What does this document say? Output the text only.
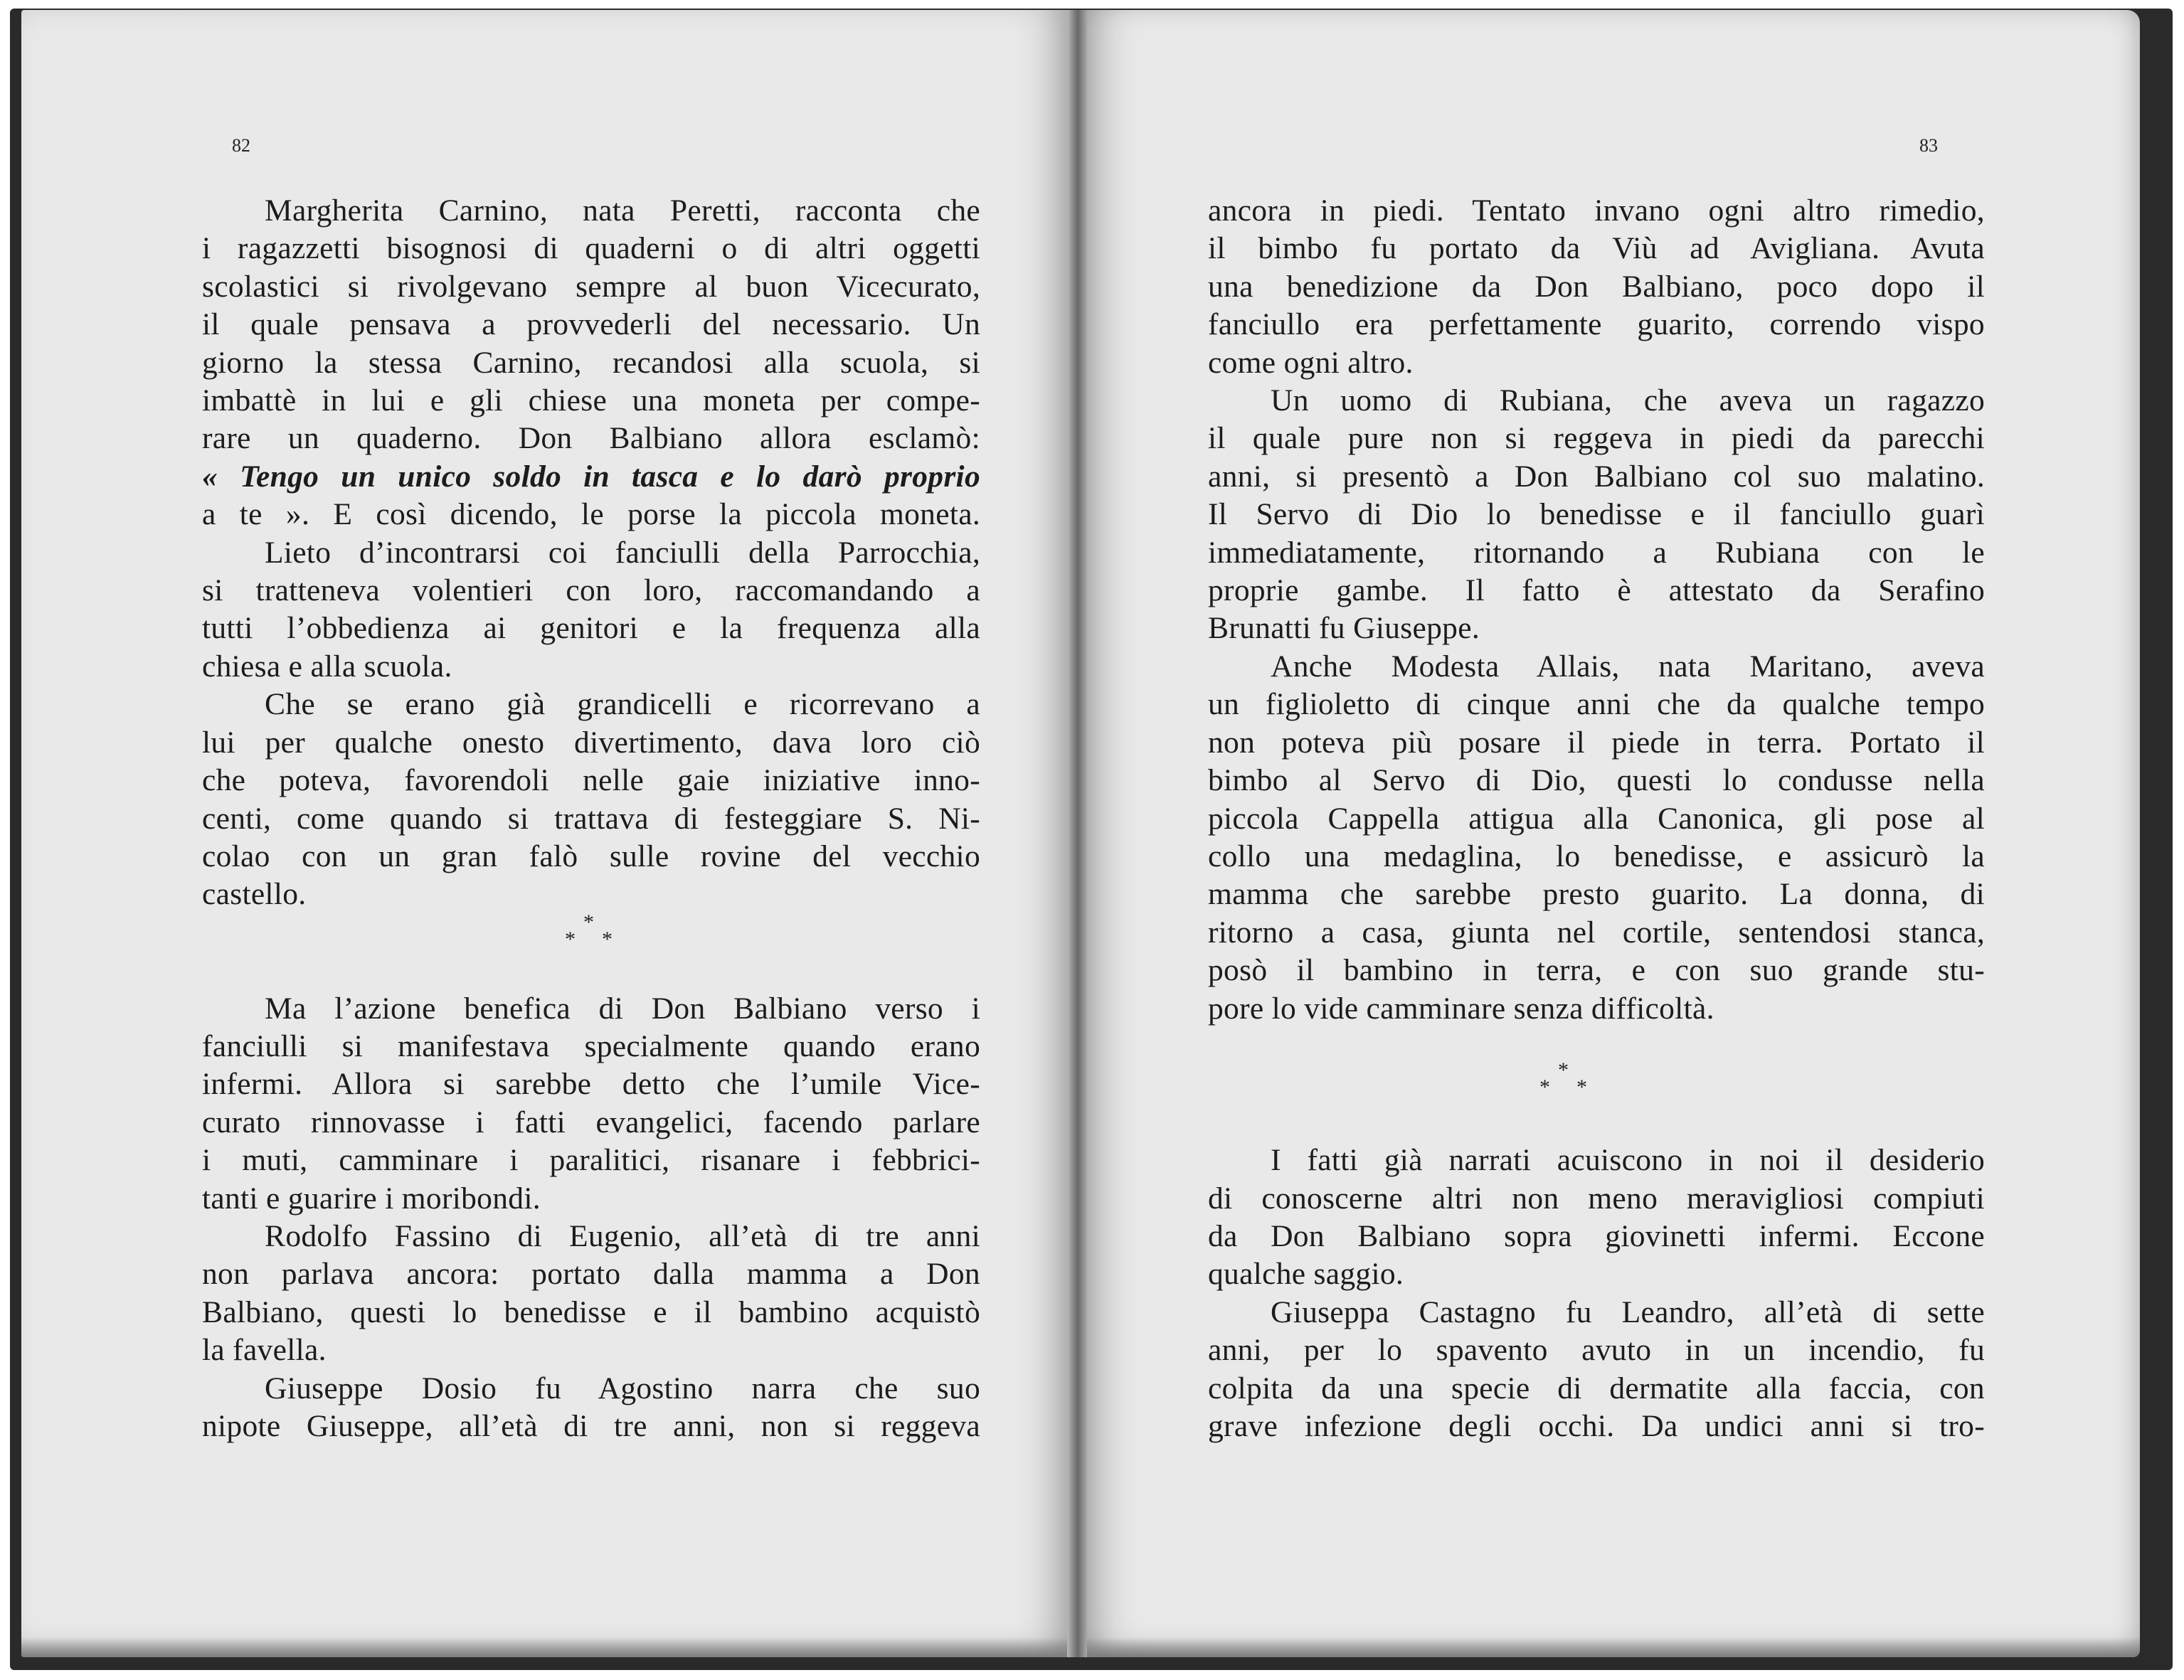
82
Margherita Carnino, nata Peretti, racconta che
i ragazzetti bisognosi di quaderni o di altri oggetti
scolastici si rivolgevano sempre al buon Vicecurato,
il quale pensava a provvederli del necessario. Un
giorno la stessa Carnino, recandosi alla scuola, si
imbattè in lui e gli chiese una moneta per compe-
rare un quaderno. Don Balbiano allora esclamò:
« Tengo un unico soldo in tasca e lo darò proprio
a te ». E così dicendo, le porse la piccola moneta.
Lieto d’incontrarsi coi fanciulli della Parrocchia,
si tratteneva volentieri con loro, raccomandando a
tutti l’obbedienza ai genitori e la frequenza alla
chiesa e alla scuola.
Che se erano già grandicelli e ricorrevano a
lui per qualche onesto divertimento, dava loro ciò
che poteva, favorendoli nelle gaie iniziative inno-
centi, come quando si trattava di festeggiare S. Ni-
colao con un gran falò sulle rovine del vecchio
castello.
Ma l’azione benefica di Don Balbiano verso i
fanciulli si manifestava specialmente quando erano
infermi. Allora si sarebbe detto che l’umile Vice-
curato rinnovasse i fatti evangelici, facendo parlare
i muti, camminare i paralitici, risanare i febbrici-
tanti e guarire i moribondi.
Rodolfo Fassino di Eugenio, all’età di tre anni
non parlava ancora: portato dalla mamma a Don
Balbiano, questi lo benedisse e il bambino acquistò
la favella.
Giuseppe Dosio fu Agostino narra che suo
nipote Giuseppe, all’età di tre anni, non si reggeva
*
* *
83
ancora in piedi. Tentato invano ogni altro rimedio,
il bimbo fu portato da Viù ad Avigliana. Avuta
una benedizione da Don Balbiano, poco dopo il
fanciullo era perfettamente guarito, correndo vispo
come ogni altro.
Un uomo di Rubiana, che aveva un ragazzo
il quale pure non si reggeva in piedi da parecchi
anni, si presentò a Don Balbiano col suo malatino.
Il Servo di Dio lo benedisse e il fanciullo guarì
immediatamente, ritornando a Rubiana con le
proprie gambe. Il fatto è attestato da Serafino
Brunatti fu Giuseppe.
Anche Modesta Allais, nata Maritano, aveva
un figlioletto di cinque anni che da qualche tempo
non poteva più posare il piede in terra. Portato il
bimbo al Servo di Dio, questi lo condusse nella
piccola Cappella attigua alla Canonica, gli pose al
collo una medaglina, lo benedisse, e assicurò la
mamma che sarebbe presto guarito. La donna, di
ritorno a casa, giunta nel cortile, sentendosi stanca,
posò il bambino in terra, e con suo grande stu-
pore lo vide camminare senza difficoltà.
I fatti già narrati acuiscono in noi il desiderio
di conoscerne altri non meno meravigliosi compiuti
da Don Balbiano sopra giovinetti infermi. Eccone
qualche saggio.
Giuseppa Castagno fu Leandro, all’età di sette
anni, per lo spavento avuto in un incendio, fu
colpita da una specie di dermatite alla faccia, con
grave infezione degli occhi. Da undici anni si tro-
*
* *
